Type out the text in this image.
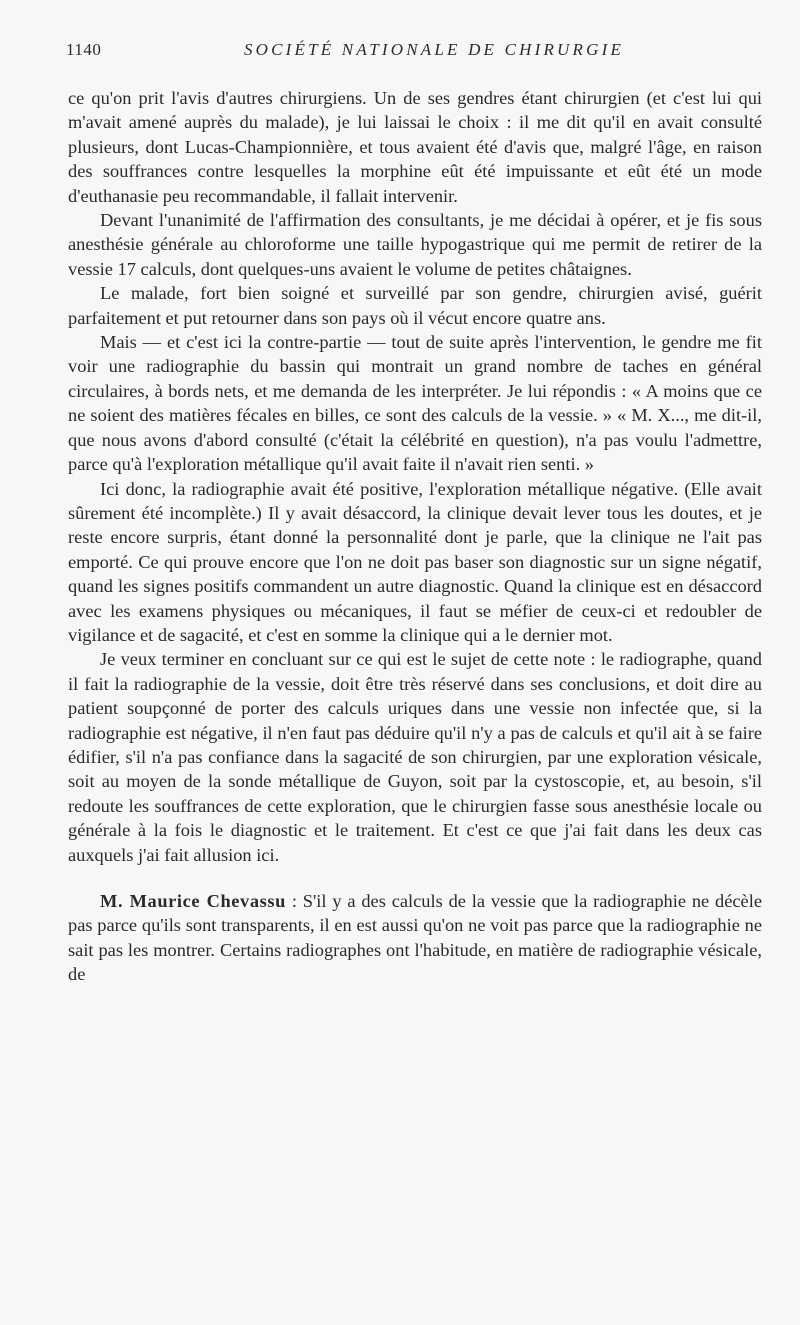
1140	SOCIÉTÉ NATIONALE DE CHIRURGIE

ce qu'on prit l'avis d'autres chirurgiens. Un de ses gendres étant chirurgien (et c'est lui qui m'avait amené auprès du malade), je lui laissai le choix : il me dit qu'il en avait consulté plusieurs, dont Lucas-Championnière, et tous avaient été d'avis que, malgré l'âge, en raison des souffrances contre lesquelles la morphine eût été impuissante et eût été un mode d'euthanasie peu recommandable, il fallait intervenir.

Devant l'unanimité de l'affirmation des consultants, je me décidai à opérer, et je fis sous anesthésie générale au chloroforme une taille hypogastrique qui me permit de retirer de la vessie 17 calculs, dont quelques-uns avaient le volume de petites châtaignes.

Le malade, fort bien soigné et surveillé par son gendre, chirurgien avisé, guérit parfaitement et put retourner dans son pays où il vécut encore quatre ans.

Mais — et c'est ici la contre-partie — tout de suite après l'intervention, le gendre me fit voir une radiographie du bassin qui montrait un grand nombre de taches en général circulaires, à bords nets, et me demanda de les interpréter. Je lui répondis : « A moins que ce ne soient des matières fécales en billes, ce sont des calculs de la vessie. » « M. X..., me dit-il, que nous avons d'abord consulté (c'était la célébrité en question), n'a pas voulu l'admettre, parce qu'à l'exploration métallique qu'il avait faite il n'avait rien senti. »

Ici donc, la radiographie avait été positive, l'exploration métallique négative. (Elle avait sûrement été incomplète.) Il y avait désaccord, la clinique devait lever tous les doutes, et je reste encore surpris, étant donné la personnalité dont je parle, que la clinique ne l'ait pas emporté. Ce qui prouve encore que l'on ne doit pas baser son diagnostic sur un signe négatif, quand les signes positifs commandent un autre diagnostic. Quand la clinique est en désaccord avec les examens physiques ou mécaniques, il faut se méfier de ceux-ci et redoubler de vigilance et de sagacité, et c'est en somme la clinique qui a le dernier mot.

Je veux terminer en concluant sur ce qui est le sujet de cette note : le radiographe, quand il fait la radiographie de la vessie, doit être très réservé dans ses conclusions, et doit dire au patient soupçonné de porter des calculs uriques dans une vessie non infectée que, si la radiographie est négative, il n'en faut pas déduire qu'il n'y a pas de calculs et qu'il ait à se faire édifier, s'il n'a pas confiance dans la sagacité de son chirurgien, par une exploration vésicale, soit au moyen de la sonde métallique de Guyon, soit par la cystoscopie, et, au besoin, s'il redoute les souffrances de cette exploration, que le chirurgien fasse sous anesthésie locale ou générale à la fois le diagnostic et le traitement. Et c'est ce que j'ai fait dans les deux cas auxquels j'ai fait allusion ici.

M. Maurice Chevassu : S'il y a des calculs de la vessie que la radiographie ne décèle pas parce qu'ils sont transparents, il en est aussi qu'on ne voit pas parce que la radiographie ne sait pas les montrer. Certains radiographes ont l'habitude, en matière de radiographie vésicale, de
